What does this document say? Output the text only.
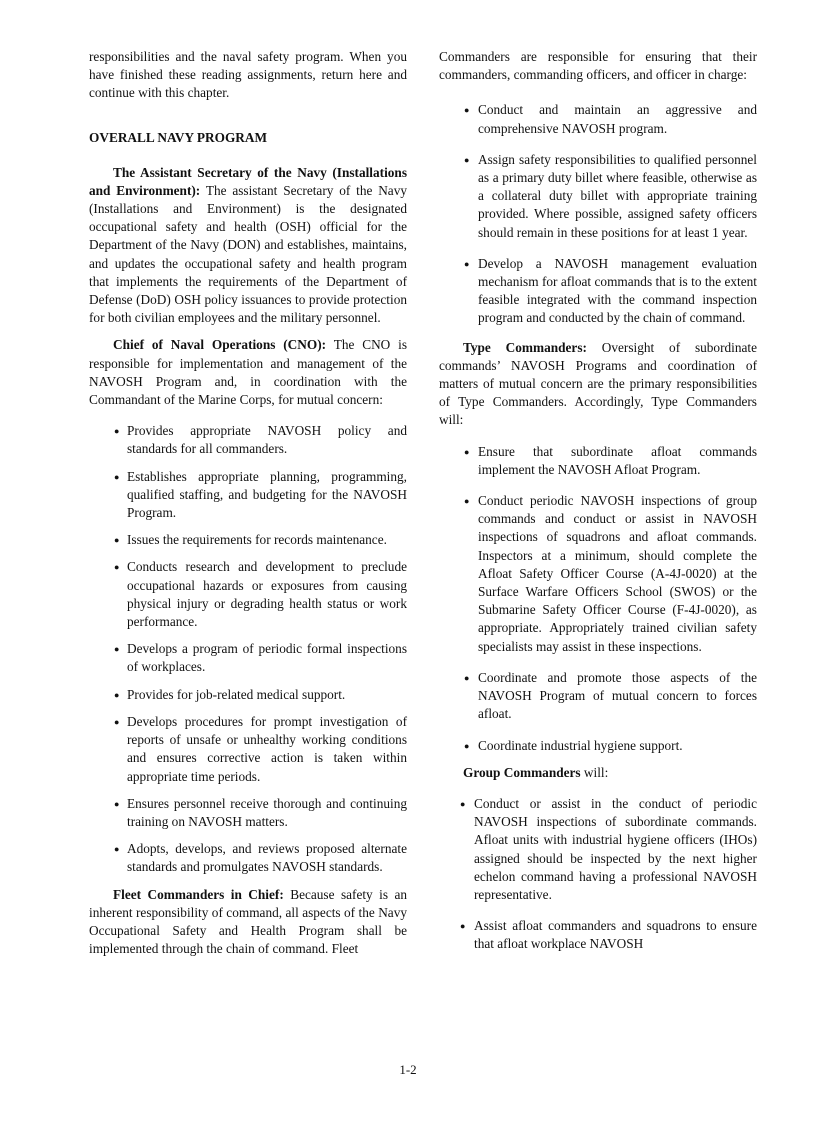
responsibilities and the naval safety program. When you have finished these reading assignments, return here and continue with this chapter.

OVERALL NAVY PROGRAM

The Assistant Secretary of the Navy (Installations and Environment): The assistant Secretary of the Navy (Installations and Environment) is the designated occupational safety and health (OSH) official for the Department of the Navy (DON) and establishes, maintains, and updates the occupational safety and health program that implements the requirements of the Department of Defense (DoD) OSH policy issuances to provide protection for both civilian employees and the military personnel.

Chief of Naval Operations (CNO): The CNO is responsible for implementation and management of the NAVOSH Program and, in coordination with the Commandant of the Marine Corps, for mutual concern:

● Provides appropriate NAVOSH policy and standards for all commanders.
● Establishes appropriate planning, programming, qualified staffing, and budgeting for the NAVOSH Program.
● Issues the requirements for records maintenance.
● Conducts research and development to preclude occupational hazards or exposures from causing physical injury or degrading health status or work performance.
● Develops a program of periodic formal inspections of workplaces.
● Provides for job-related medical support.
● Develops procedures for prompt investigation of reports of unsafe or unhealthy working conditions and ensures corrective action is taken within appropriate time periods.
● Ensures personnel receive thorough and continuing training on NAVOSH matters.
● Adopts, develops, and reviews proposed alternate standards and promulgates NAVOSH standards.

Fleet Commanders in Chief: Because safety is an inherent responsibility of command, all aspects of the Navy Occupational Safety and Health Program shall be implemented through the chain of command. Fleet

Commanders are responsible for ensuring that their commanders, commanding officers, and officer in charge:

● Conduct and maintain an aggressive and comprehensive NAVOSH program.
● Assign safety responsibilities to qualified personnel as a primary duty billet where feasible, otherwise as a collateral duty billet with appropriate training provided. Where possible, assigned safety officers should remain in these positions for at least 1 year.
● Develop a NAVOSH management evaluation mechanism for afloat commands that is to the extent feasible integrated with the command inspection program and conducted by the chain of command.

Type Commanders: Oversight of subordinate commands’ NAVOSH Programs and coordination of matters of mutual concern are the primary responsibilities of Type Commanders. Accordingly, Type Commanders will:

● Ensure that subordinate afloat commands implement the NAVOSH Afloat Program.
● Conduct periodic NAVOSH inspections of group commands and conduct or assist in NAVOSH inspections of squadrons and afloat commands. Inspectors at a minimum, should complete the Afloat Safety Officer Course (A-4J-0020) at the Surface Warfare Officers School (SWOS) or the Submarine Safety Officer Course (F-4J-0020), as appropriate. Appropriately trained civilian safety specialists may assist in these inspections.
● Coordinate and promote those aspects of the NAVOSH Program of mutual concern to forces afloat.
● Coordinate industrial hygiene support.

Group Commanders will:

● Conduct or assist in the conduct of periodic NAVOSH inspections of subordinate commands. Afloat units with industrial hygiene officers (IHOs) assigned should be inspected by the next higher echelon command having a professional NAVOSH representative.
● Assist afloat commanders and squadrons to ensure that afloat workplace NAVOSH
1-2
